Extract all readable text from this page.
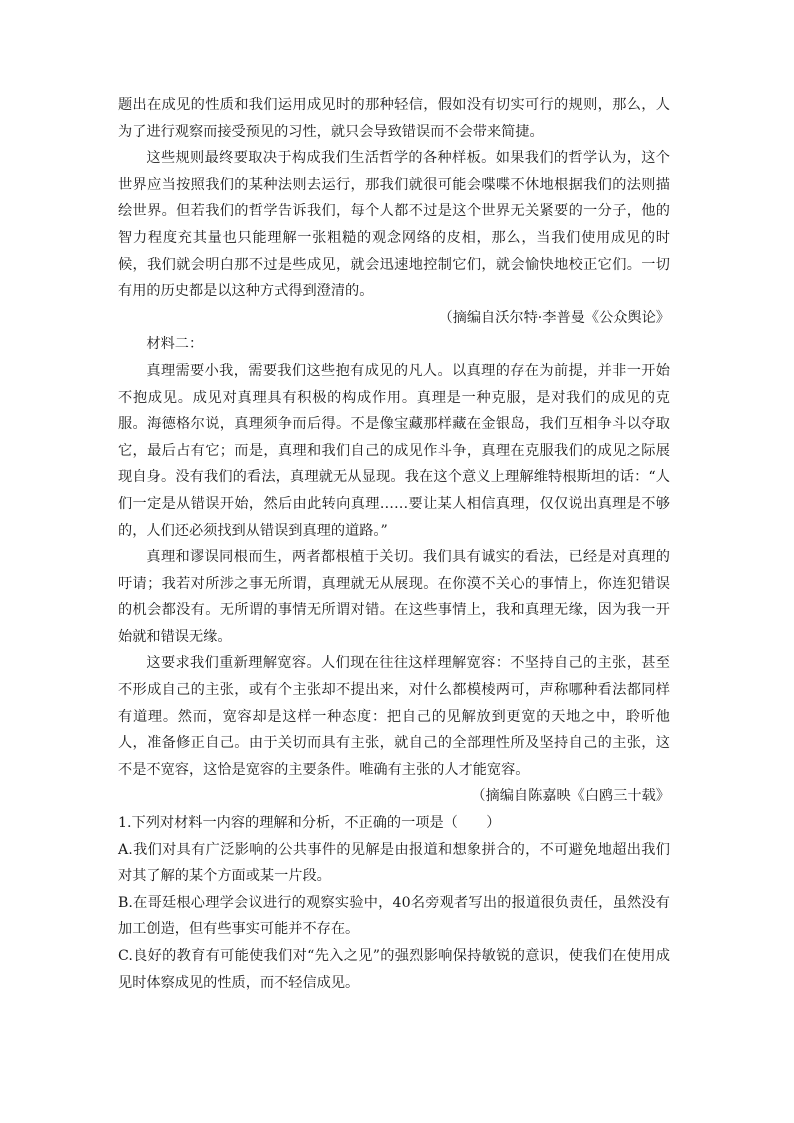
题出在成见的性质和我们运用成见时的那种轻信，假如没有切实可行的规则，那么，人为了进行观察而接受预见的习性，就只会导致错误而不会带来简捷。

这些规则最终要取决于构成我们生活哲学的各种样板。如果我们的哲学认为，这个世界应当按照我们的某种法则去运行，那我们就很可能会喋喋不休地根据我们的法则描绘世界。但若我们的哲学告诉我们，每个人都不过是这个世界无关紧要的一分子，他的智力程度充其量也只能理解一张粗糙的观念网络的皮相，那么，当我们使用成见的时候，我们就会明白那不过是些成见，就会迅速地控制它们，就会愉快地校正它们。一切有用的历史都是以这种方式得到澄清的。

（摘编自沃尔特·李普曼《公众舆论》

材料二：

真理需要小我，需要我们这些抱有成见的凡人。以真理的存在为前提，并非一开始不抱成见。成见对真理具有积极的构成作用。真理是一种克服，是对我们的成见的克服。海德格尔说，真理须争而后得。不是像宝藏那样藏在金银岛，我们互相争斗以夺取它，最后占有它；而是，真理和我们自己的成见作斗争，真理在克服我们的成见之际展现自身。没有我们的看法，真理就无从显现。我在这个意义上理解维特根斯坦的话：“人们一定是从错误开始，然后由此转向真理……要让某人相信真理，仅仅说出真理是不够的，人们还必须找到从错误到真理的道路。”

真理和谬误同根而生，两者都根植于关切。我们具有诚实的看法，已经是对真理的吁请；我若对所涉之事无所谓，真理就无从展现。在你漠不关心的事情上，你连犯错误的机会都没有。无所谓的事情无所谓对错。在这些事情上，我和真理无缘，因为我一开始就和错误无缘。

这要求我们重新理解宽容。人们现在往往这样理解宽容：不坚持自己的主张，甚至不形成自己的主张，或有个主张却不提出来，对什么都模棱两可，声称哪种看法都同样有道理。然而，宽容却是这样一种态度：把自己的见解放到更宽的天地之中，聆听他人，准备修正自己。由于关切而具有主张，就自己的全部理性所及坚持自己的主张，这不是不宽容，这恰是宽容的主要条件。唯确有主张的人才能宽容。

（摘编自陈嘉映《白鸥三十载》

1.下列对材料一内容的理解和分析，不正确的一项是（　　）

A.我们对具有广泛影响的公共事件的见解是由报道和想象拼合的，不可避免地超出我们对其了解的某个方面或某一片段。

B.在哥廷根心理学会议进行的观察实验中，40名旁观者写出的报道很负责任，虽然没有加工创造，但有些事实可能并不存在。

C.良好的教育有可能使我们对“先入之见”的强烈影响保持敏锐的意识，使我们在使用成见时体察成见的性质，而不轻信成见。
